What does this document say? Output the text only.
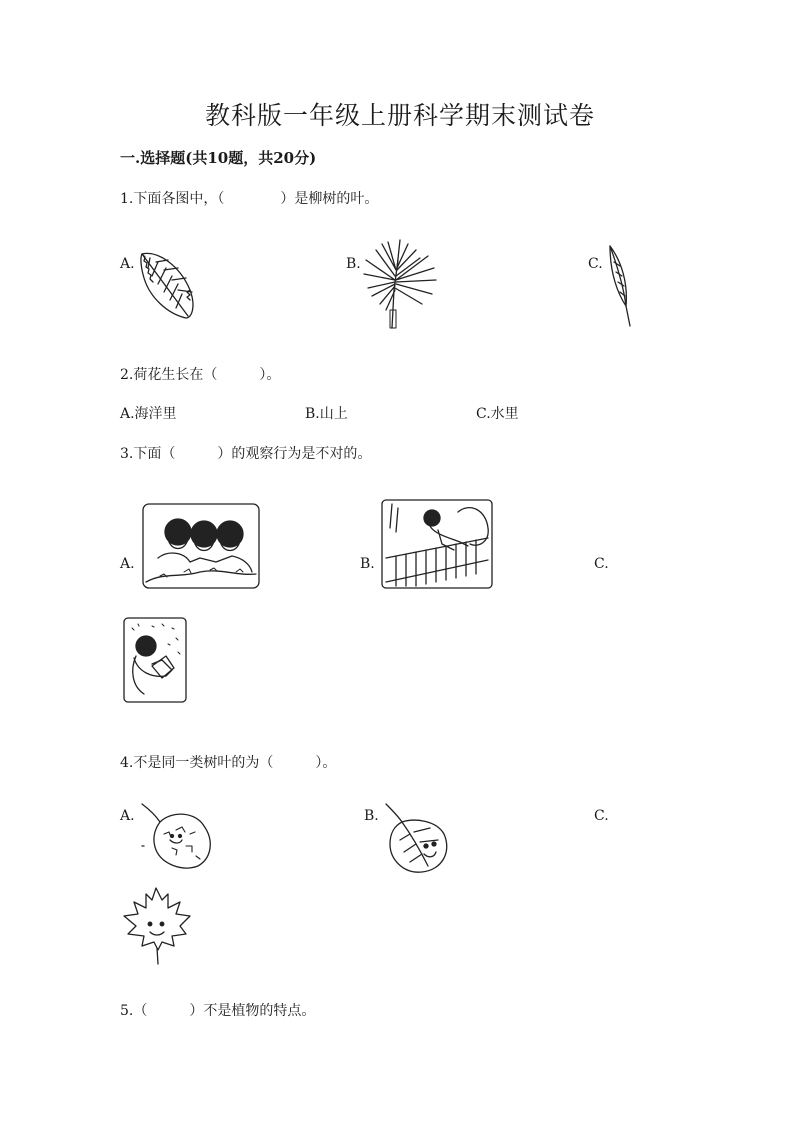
教科版一年级上册科学期末测试卷
一.选择题(共10题，共20分)
1.下面各图中，（　　　　）是柳树的叶。
A.	B.	C.
2.荷花生长在（　　　）。
A.海洋里	B.山上	C.水里
3.下面（　　　）的观察行为是不对的。
A.	B.	C.
4.不是同一类树叶的为（　　　）。
A.	B.	C.
5.（　　　）不是植物的特点。
